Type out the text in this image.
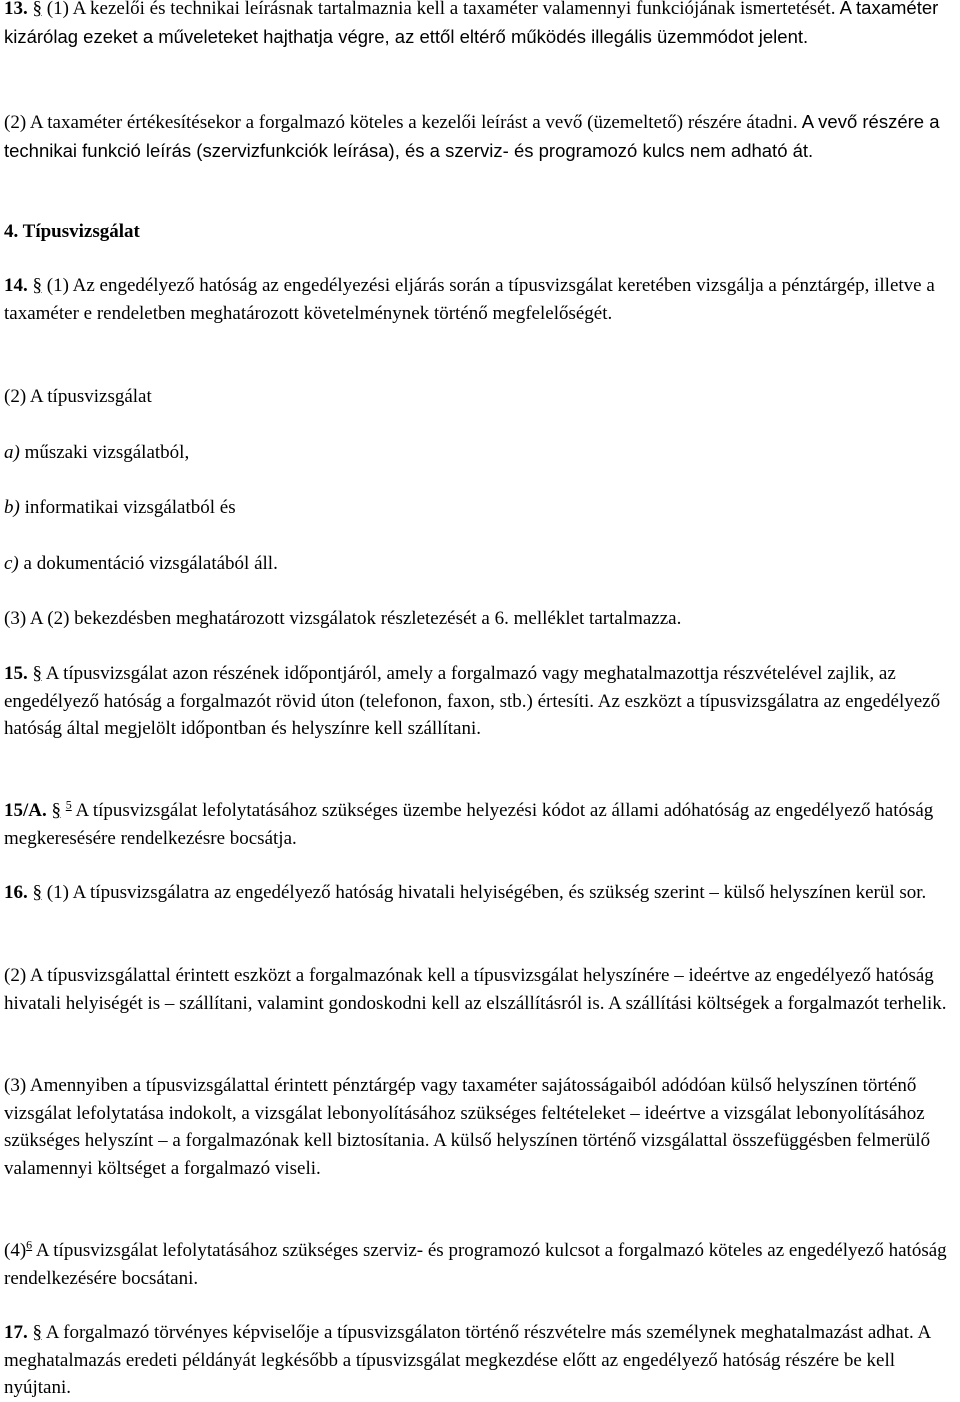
13. § (1) A kezelői és technikai leírásnak tartalmaznia kell a taxaméter valamennyi funkciójának ismertetését. A taxaméter kizárólag ezeket a műveleteket hajthatja végre, az ettől eltérő működés illegális üzemmódot jelent.

(2) A taxaméter értékesítésekor a forgalmazó köteles a kezelői leírást a vevő (üzemeltető) részére átadni. A vevő részére a technikai funkció leírás (szervizfunkciók leírása), és a szerviz- és programozó kulcs nem adható át.

4. Típusvizsgálat

14. § (1) Az engedélyező hatóság az engedélyezési eljárás során a típusvizsgálat keretében vizsgálja a pénztárgép, illetve a taxaméter e rendeletben meghatározott követelménynek történő megfelelőségét.

(2) A típusvizsgálat

a) műszaki vizsgálatból,

b) informatikai vizsgálatból és

c) a dokumentáció vizsgálatából áll.

(3) A (2) bekezdésben meghatározott vizsgálatok részletezését a 6. melléklet tartalmazza.

15. § A típusvizsgálat azon részének időpontjáról, amely a forgalmazó vagy meghatalmazottja részvételével zajlik, az engedélyező hatóság a forgalmazót rövid úton (telefonon, faxon, stb.) értesíti. Az eszközt a típusvizsgálatra az engedélyező hatóság által megjelölt időpontban és helyszínre kell szállítani.

15/A. § $^5$ A típusvizsgálat lefolytatásához szükséges üzembe helyezési kódot az állami adóhatóság az engedélyező hatóság megkeresésére rendelkezésre bocsátja.

16. § (1) A típusvizsgálatra az engedélyező hatóság hivatali helyiségében, és szükség szerint – külső helyszínen kerül sor.

(2) A típusvizsgálattal érintett eszközt a forgalmazónak kell a típusvizsgálat helyszínére – ideértve az engedélyező hatóság hivatali helyiségét is – szállítani, valamint gondoskodni kell az elszállításról is. A szállítási költségek a forgalmazót terhelik.

(3) Amennyiben a típusvizsgálattal érintett pénztárgép vagy taxaméter sajátosságaiból adódóan külső helyszínen történő vizsgálat lefolytatása indokolt, a vizsgálat lebonyolításához szükséges feltételeket – ideértve a vizsgálat lebonyolításához szükséges helyszínt – a forgalmazónak kell biztosítania. A külső helyszínen történő vizsgálattal összefüggésben felmerülő valamennyi költséget a forgalmazó viseli.

(4)$^6$ A típusvizsgálat lefolytatásához szükséges szerviz- és programozó kulcsot a forgalmazó köteles az engedélyező hatóság rendelkezésére bocsátani.

17. § A forgalmazó törvényes képviselője a típusvizsgálaton történő részvételre más személynek meghatalmazást adhat. A meghatalmazás eredeti példányát legkésőbb a típusvizsgálat megkezdése előtt az engedélyező hatóság részére be kell nyújtani.
